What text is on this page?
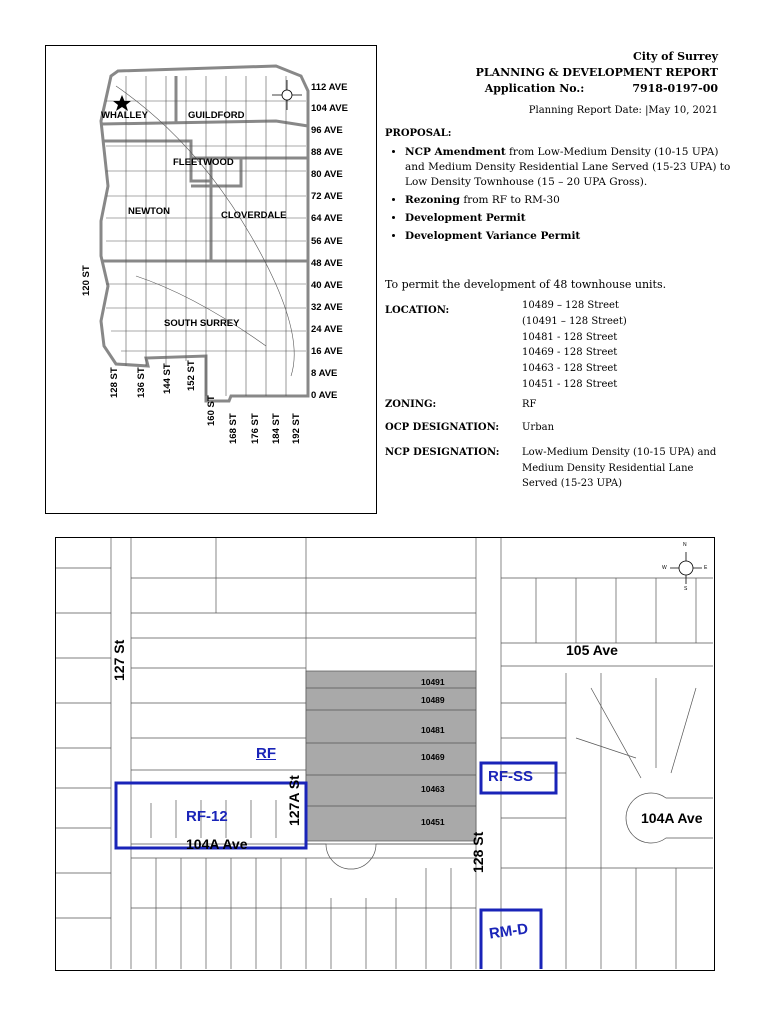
WHALLEY	GUILDFORD
FLEETWOOD
NEWTON	CLOVERDALE
SOUTH SURREY
112 AVE
104 AVE
96 AVE
88 AVE
80 AVE
72 AVE
64 AVE
56 AVE
48 AVE
40 AVE
32 AVE
24 AVE
16 AVE
8 AVE
0 AVE
120 ST
128 ST 136 ST 144 ST 152 ST
160 ST
168 ST 176 ST 184 ST 192 ST
City of Surrey
PLANNING & DEVELOPMENT REPORT
Application No.:	7918-0197-00
Planning Report Date: |May 10, 2021
PROPOSAL:
• NCP Amendment from Low-Medium Density (10-15 UPA) and Medium Density Residential Lane Served (15-23 UPA) to Low Density Townhouse (15 – 20 UPA Gross).
• Rezoning from RF to RM-30
• Development Permit
• Development Variance Permit
To permit the development of 48 townhouse units.
LOCATION:	10489 – 128 Street
(10491 – 128 Street)
10481 - 128 Street
10469 - 128 Street
10463 - 128 Street
10451 - 128 Street
ZONING:	RF
OCP DESIGNATION: Urban
NCP DESIGNATION: Low-Medium Density (10-15 UPA) and Medium Density Residential Lane Served (15-23 UPA)
N
S
E
W
127 St	105 Ave
127A St
104A Ave
104A Ave
128 St
RF
RF-12
RF-SS
RM-D
10491
10489
10481
10469
10463
10451
